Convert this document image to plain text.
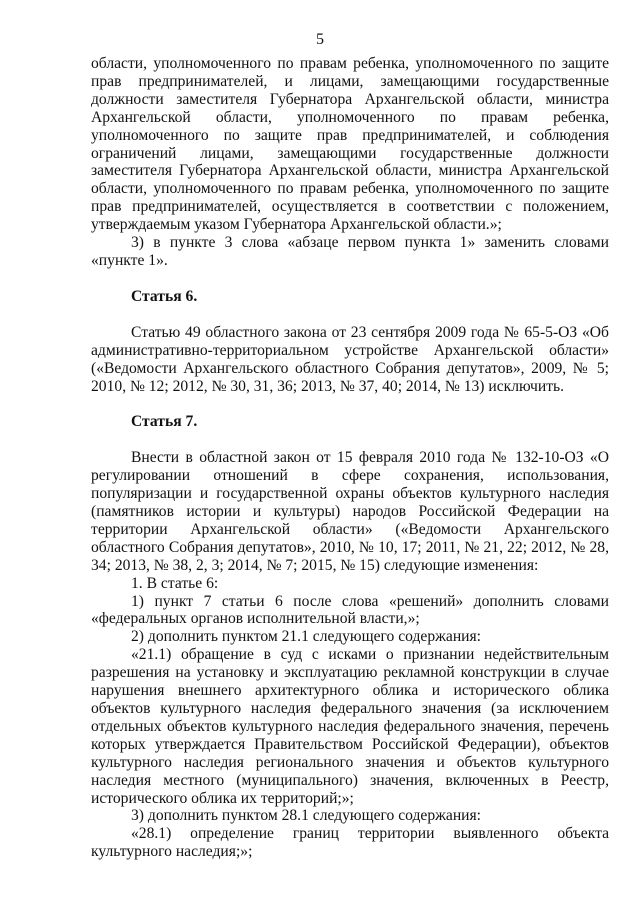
5

области, уполномоченного по правам ребенка, уполномоченного по защите прав предпринимателей, и лицами, замещающими государственные должности заместителя Губернатора Архангельской области, министра Архангельской области, уполномоченного по правам ребенка, уполномоченного по защите прав предпринимателей, и соблюдения ограничений лицами, замещающими государственные должности заместителя Губернатора Архангельской области, министра Архангельской области, уполномоченного по правам ребенка, уполномоченного по защите прав предпринимателей, осуществляется в соответствии с положением, утверждаемым указом Губернатора Архангельской области.»;

3) в пункте 3 слова «абзаце первом пункта 1» заменить словами «пункте 1».

Статья 6.

Статью 49 областного закона от 23 сентября 2009 года № 65-5-ОЗ «Об административно-территориальном устройстве Архангельской области» («Ведомости Архангельского областного Собрания депутатов», 2009, № 5; 2010, № 12; 2012, № 30, 31, 36; 2013, № 37, 40; 2014, № 13) исключить.

Статья 7.

Внести в областной закон от 15 февраля 2010 года № 132-10-ОЗ «О регулировании отношений в сфере сохранения, использования, популяризации и государственной охраны объектов культурного наследия (памятников истории и культуры) народов Российской Федерации на территории Архангельской области» («Ведомости Архангельского областного Собрания депутатов», 2010, № 10, 17; 2011, № 21, 22; 2012, № 28, 34; 2013, № 38, 2, 3; 2014, № 7; 2015, № 15) следующие изменения:

1. В статье 6:

1) пункт 7 статьи 6 после слова «решений» дополнить словами «федеральных органов исполнительной власти,»;

2) дополнить пунктом 21.1 следующего содержания:

«21.1) обращение в суд с исками о признании недействительным разрешения на установку и эксплуатацию рекламной конструкции в случае нарушения внешнего архитектурного облика и исторического облика объектов культурного наследия федерального значения (за исключением отдельных объектов культурного наследия федерального значения, перечень которых утверждается Правительством Российской Федерации), объектов культурного наследия регионального значения и объектов культурного наследия местного (муниципального) значения, включенных в Реестр, исторического облика их территорий;»;

3) дополнить пунктом 28.1 следующего содержания:

«28.1) определение границ территории выявленного объекта культурного наследия;»;
